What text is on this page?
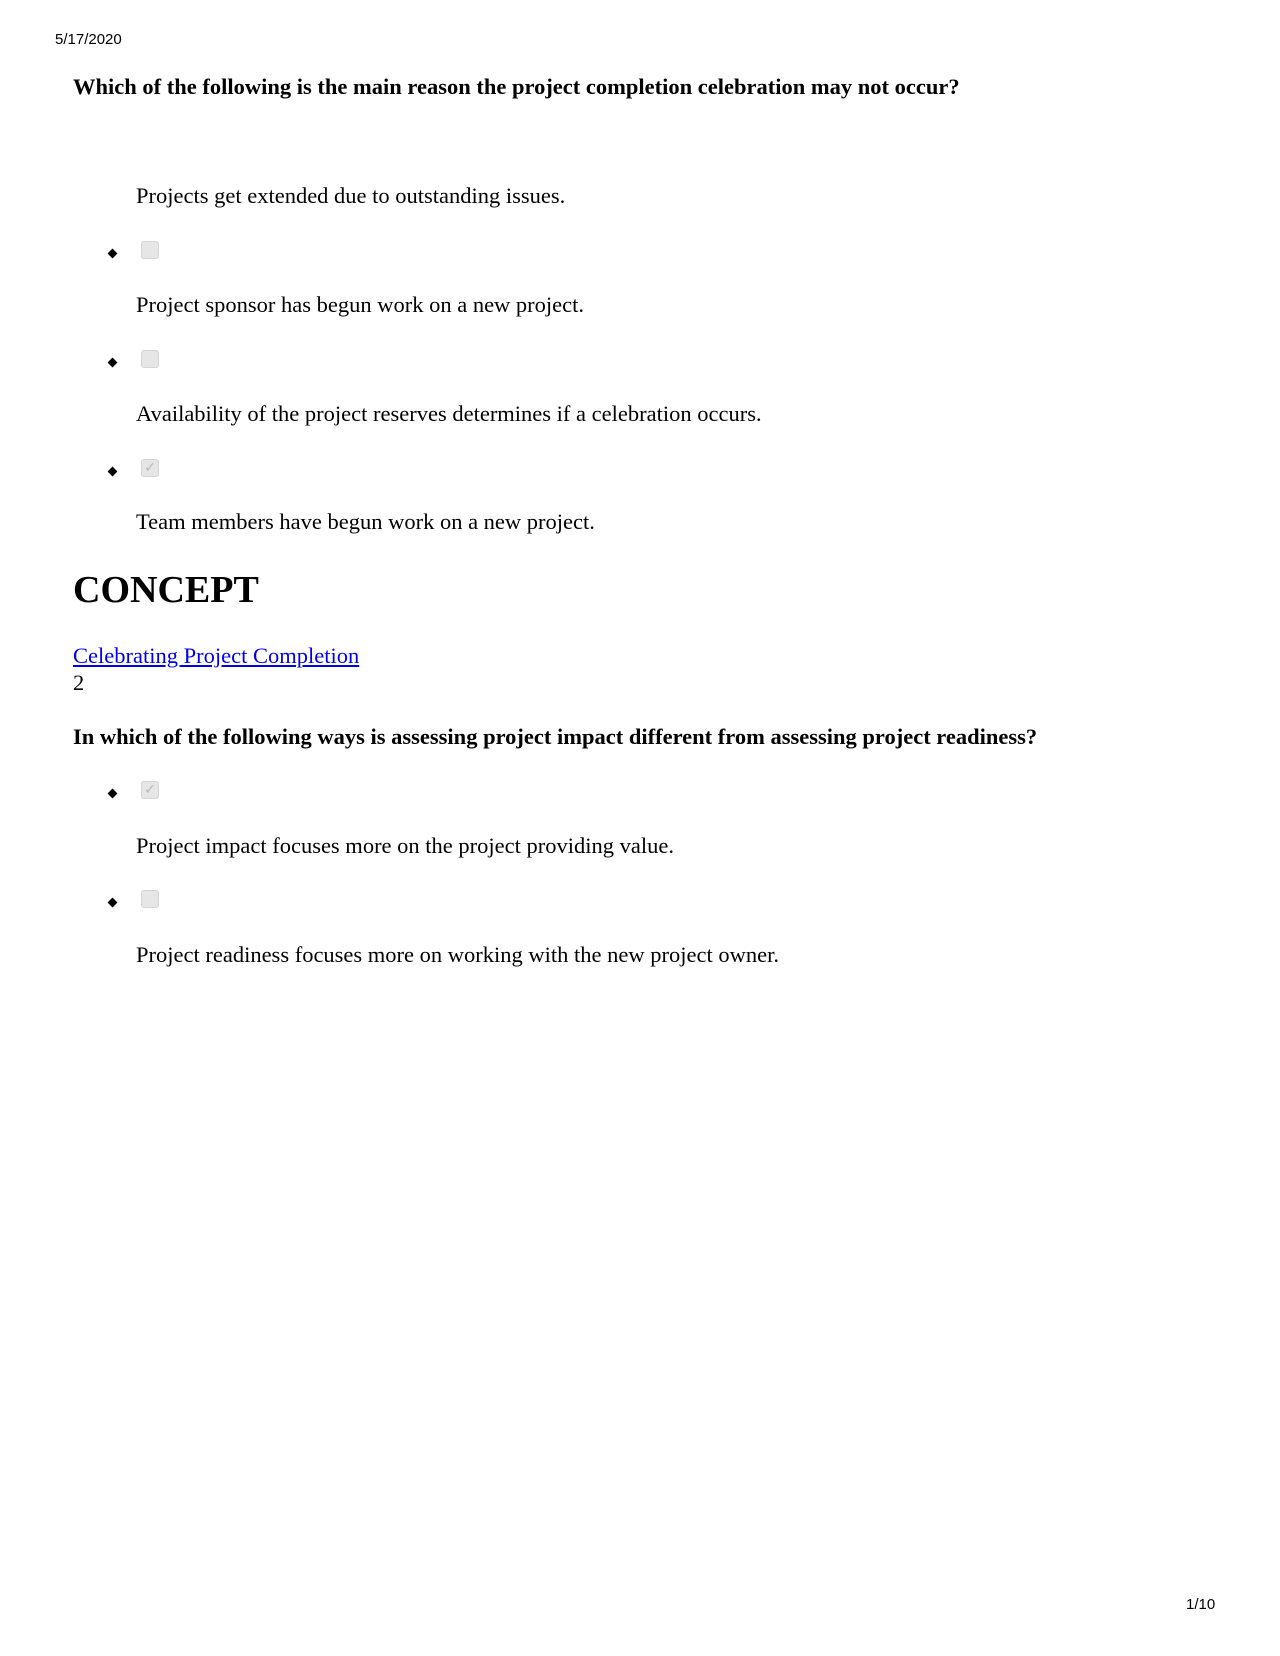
5/17/2020
Which of the following is the main reason the project completion celebration may not occur?
Projects get extended due to outstanding issues.
Project sponsor has begun work on a new project.
Availability of the project reserves determines if a celebration occurs.
✓
Team members have begun work on a new project.
CONCEPT
Celebrating Project Completion
2
In which of the following ways is assessing project impact different from assessing project readiness?
✓
Project impact focuses more on the project providing value.
Project readiness focuses more on working with the new project owner.
1/10
